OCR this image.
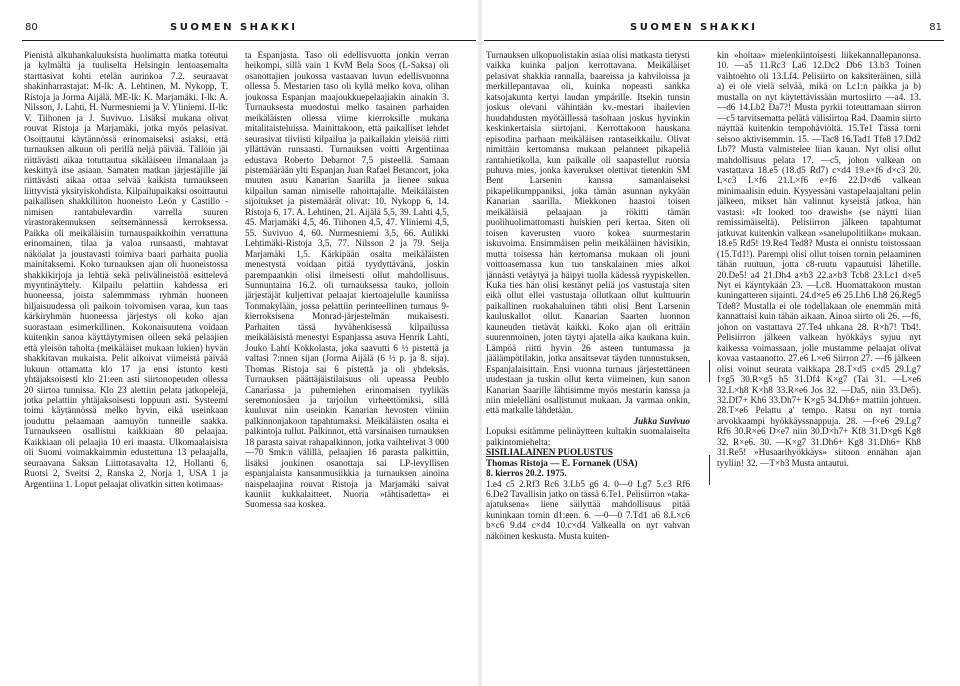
80	SUOMEN SHAKKI

Pienistä alkuhankaluuksista huolimatta matka toteutui ja kylmältä ja tuuliselta Helsingin lentoasemalta starttasivat kohti etelän aurinkoa 7.2. seuraavat shakinharrastajat: M-lk: A. Lehtinen, M. Nykopp, T. Ristoja ja Jorma Aijälä. ME-lk: K. Marjamäki. I-lk: A. Nilsson, J. Lahti, H. Nurmesniemi ja V. Yliniemi. II-lk: V. Tiihonen ja J. Suvivuo. Lisäksi mukana olivat rouvat Ristoja ja Marjamäki, jotka myös pelasivat. Osoittautui käytännössä erinomaiseksi asiaksi, että turnauksen alkuun oli perillä neljä päivää. Tällöin jäi riittävästi aikaa totuttautua sikäläiseen ilmanalaan ja keskittyä itse asiaan. Samaten matkan järjestäjille jäi riittävästi aikaa ottaa selvää kaikista turnaukseen liittyvistä yksityiskohdista. Kilpailupaikaksi osoittautui paikallisen shakkiliiton huoneisto León y Castillo -nimisen rantabulevardin varrella suuren virastorakennuksen seitsemännessä kerroksessa. Paikka oli meikäläisiin turnauspaikkoihin verrattuna erinomainen, tilaa ja valoa runsaasti, mahtavat näköalat ja joustavasti toimiva baari parhaita puolia mainitaksemi. Koko turnauksen ajan oli huoneistossa shakkikirjoja ja lehtiä sekä pelivälineistöä esittelevä myyntinäyttely. Kilpailu pelattiin kahdessa eri huoneessa, joista salemmmass ryhmän huoneen hiljaisuudessa oli paikoin toivomisen varaa, kun taas kärkiryhmän huoneessa järjestys oli koko ajan suorastaan esimerkillinen. Kokonaisuutena voidaan kuitenkin sanoa käyttäytymisen olleen sekä pelaajien että yleisön taholta (meikäläiset mukaan lukien) hyvän shakkitavan mukaista. Pelit alkoivat viimeistä päivää lukuun ottamatta klo 17 ja ensi istunto kesti yhtäjaksoisesti klo 21:een asti siirtonopeuden ollessa 20 siirtoa tunnissa. Klo 23 alettiin pelata jatkopelejä, jotka pelattiin yhtäjaksoisesti loppuun asti. Systeemi toimi käytännössä melko hyvin, eikä useinkaan jouduttu pelaamaan aamuyön tunneille saakka. Turnaukseen osallistui kaikkiaan 80 pelaajaa. Kaikkiaan oli pelaajia 10 eri maasta. Ulkomaalaisista oli Suomi voimakkaimmin edustettuna 13 pelaajalla, seuraavana Saksan Liittotasavalta 12, Hollanti 6, Ruotsi 2, Sveitsi 2, Ranska 2, Norja 1, USA 1 ja Argentiina 1. Loput pelaajat olivatkin sitten kotimaas-

ta Espanjasta. Taso oli edellisvuotta jonkin verran heikompi, sillä vain 1 KvM Bela Soos (L-Saksa) oli osanottajien joukossa vastaavan luvun edellisvuonna ollessa 5. Mestarien taso oli kyllä melko kova, olihan joukossa Espanjan maajoukkuepelaajiakin ainakin 3. Turnauksesta muodostui melko tasainen parhaiden meikäläisten ollessa viime kierroksille mukana mitalitaisteluissa. Mainittakoon, että paikalliset lehdet seurasivat tiiviisti kilpailua ja paikallakin yleisöä riitti yllättävän runsaasti. Turnauksen voitti Argentiinaa edustava Roberto Debarnot 7,5 pisteellä. Samaan pistemäärään ylti Espanjan Juan Rafael Betancort, joka muuten asuu Kanarian Saarilla ja lienee sukua kilpailun saman nimiselle rahoittajalle. Meikäläisten sijoitukset ja pistemäärät olivat: 10. Nykopp 6, 14. Ristoja 6, 17. A. Lehtinen, 21. Aijälä 5,5, 39. Lahti 4,5, 45. Marjamäki 4,5, 46. Tiihonen 4,5, 47. Yliniemi 4,5, 55. Suvivuo 4, 60. Nurmesniemi 3,5, 66. Aulikki Lehtimäki-Ristoja 3,5, 77. Nilsson 2 ja 79. Seija Marjamäki 1,5. Kärkipään osalta meikäläisten menestystä voidaan pitää tyydyttävänä, joskin parempaankin olisi ilmeisesti ollut mahdollisuus. Sunnuntaina 16.2. oli turnauksessa tauko, jolloin järjestäjät kuljettivat pelaajat kiertoajelulle kauniissa Tonmakylään, jossa pelattiin perinteellinen turnaus 9-kierroksisena Monrad-järjestelmän mukaisesti. Parhaiten tässä hyvähenkisessä kilpailussa meikäläisistä menestyi Espanjassa asuva Henrik Lahti, Jouko Lahti Kokkolasta, joka saavutti 6 ½ pistettä ja valtasi 7:nnen sijan (Jorma Aijälä (6 ½ p. ja 8. sija). Thomas Ristoja sai 6 pistettä ja oli yhdeksäs. Turnauksen päättäjäistilaisuus oli upeassa Peublo Canariassa ja puhemiehen erinomaisen tyylikäs seremoniosäen ja tarjoilun virheettömiksi, sillä kuuluvat niin useinkin Kanarian hevosten viiniin palkinnonjakoon tapahtumaksi. Meikäläisten osalta ei palkintoja tullut. Palkinnot, että varsinaisen turnauksen 18 parasta saivat rahapalkinnon, jotka vaihtelivat 3 000—70 Smk:n välillä, pelaajien 16 parasta palkittiin, lisäksi joukinen osanottaja sai LP-levyllisen espanjalaista kansanmusiikkia ja turnauksen ainoina naispelaajina rouvat Ristoja ja Marjamäki saivat kauniit kukkalaitteet. Nuoria »tähtisadetta» ei Suomessa saa koskea.

SUOMEN SHAKKI	81

Turnauksen ulkopuolistakin asiaa olisi matkasta tietysti vaikka kuinka paljon kerrottavana. Meikäläiset pelasivat shakkia rannalla, baareissa ja kahviloissa ja merkillepantavaa oli, kuinka nopeasti sankka katsojakunta kertyi laudan ympärille. Itsekin tunsin joskus olevani vähintään kv.-mestari ihailevien huudahdusten myötäillessä tasoltaan joskus hyvinkin keskinkertaisia siirtojani. Kerrottakoon hauskana episodina parhaan meikäläisen rantaseikkailu. Olivat nimittäin kertomansa mukaan pelanneet pikapeliä rantahietikolla, kun paikalle oli saapastellut ruotsia puhuva mies, jonka kaverukset olettivat tietenkin SM Bent Larsenin kanssa samanlaiseksi pikapelikumppaniksi, joka tämän asunnan nykyään Kanarian saarilla. Miekkonen haastoi toisen meikäläisiä pelaajaan ja rökitti tämän puolihuolimattomasti huiskien peri kertaa. Siten oli toisen kaverusten vuoro kokea suurmestarin iskuvoima. Ensimmäisen pelin meikäläinen hävisikin, mutta toisessa hän kertomansa mukaan oli jouni voittoasemassa kun tuo tanskalainen mies alkoi jännästi vetäytyä ja häipyi tuolla kädessä ryypiskellen. Kuka ties hän olisi kestänyt peliä jos vastustaja siten eikä ollut ellei vastustaja ollutkaan ollut kulttuurin paikallinen ruokahaluinen tähti olisi Bent Larsenin kauluskallot ollut. Kanarian Saarten luonnon kauneuden tietävät kaikki. Koko ajan oli erittäin suurenmoinen, joten täytyi ajatella aika kaukana kuin. Lämpöä riitti hyvin 26 asteen tuntumassa ja jäälämpötilakin, jotka ansaitsevat täyden tunnustuksen, Espanjalaisittain. Ensi vuonna turnaus järjestettäneen uudestaan ja tuskin ollut kerta viimeinen, kun sanon Kanarian Saarille lähtisimme myös mestarin kanssa ja niin mielelläni osallistunut mukaan. Ja varmaa onkin, että matkalle lähdetään.

Jukka Suvivuo

Lopuksi esitämme pelinäytteen kultakin suomalaiselta palkintomiehelta:

SISILIALAINEN PUOLUSTUS

Thomas Ristoja — E. Fornanek (USA)

8. kierros 20.2. 1975.

1.e4 c5 2.Rf3 Rc6 3.Lb5 g6 4. 0—0 Lg7 5.c3 Rf6 6.De2 Tavallisin jatko on tässä 6.Te1. Pelisiirron »taka-ajatuksena« liene säilyttää mahdollisuus pitää kuninkaan tornin d1:een. 6. —0—0 7.Td1 a6 8.L×c6 b×c6 9.d4 c×d4 10.c×d4 Valkealla on nyt vahvan näköinen keskusta. Musta kuiten-

kin »hoitaa» mielenkiintoisesti liikekannallepanonsa. 10. —a5 11.Rc3 La6 12.Dc2 Db6 13.b3 Toinen vaihtoehto oli 13.Lf4. Pelisiirto on kaksiteräinen, sillä a) ei ole vielä selvää, mikä on Lc1:n paikka ja b) mustalla on nyt käytettävissään murtosiirto —a4. 13. —d6 14.Lb2 Da7?! Musta pyrkii toteuttamaan siirron —c5 tarvitsematta pelätä välisiirtoa Ra4. Daamin siirto näyttää kuitenkin tempohäviöltä. 15.Te1 Tässä torni seisoo aktivisemmin. 15. —Tac8 16.Tad1 Tfe8 17.Dd2 Lb7? Musta valmistelee liian kauan. Nyt olisi ollut mahdollisuus pelata 17. —c5, johon valkean on vastattava 18.e5 (18.d5 Rd7) c×d4 19.e×f6 d×c3 20. L×c3 L×f6 21.L×f6 e×f6 22.D×d6 valkean minimaalisin eduin. Kysyessäni vastapelaajaltani pelin jälkeen, mikset hän valinnut kyseistä jatkoa, hän vastasi: »It looked too drawish« (se näytti liian remissimäiseltä). Pelisiirron jälkeen tapahtumat jatkuvat kuitenkin valkean »sanelupolitiikan« mukaan. 18.e5 Rd5! 19.Re4 Ted8? Musta ei onnistu toistossaan (15.Td1!). Parempi olisi ollut toisen tornin pelaaminen tähän ruutuun, jotta c8-ruutu vapautuisi lähetille. 20.De5! a4 21.Dh4 a×b3 22.a×b3 Tcb8 23.Lc1 d×e5 Nyt ei käyntykään 23. —Lc8. Huomattakoon mustan kuningatteren sijainti. 24.d×e5 e6 25.Lh6 Lh8 26.Reg5 Tde8? Mustalla ei ole todellakaan ole enemmän mitä kannattaisi kuin tähän aikaan. Ainoa siirto oli 26. —f6, johon on vastattava 27.Te4 uhkana 28. R×h7! Tb4!. Pelisiirron jälkeen valkean hyökkäys syjuu nyt kaikessa voimassaan, jolle mustamme pelaajat olivat kovaa vastaanotto. 27.e6 L×e6 Siirron 27. —f6 jälkeen olisi voinut seurata vaikkapa 28.T×d5 c×d5 29.Lg7 f×g5 30.R×g5 h5 31.Df4 K×g7 (Tai 31. —L×e6 32.L×h8 K×h8 33.R×e6 Jos 32. —Da5, niin 33.De5). 32.Df7+ Kh6 33.Dh7+ K×g5 34.Dh6+ mattiin johtuen. 28.T×e6 Pelattu a' tempo. Ratsu on nyt tornia arvokkaampi hyökkäyssnappuja. 28. —f×e6 29.Lg7 Rf6 30.R×e6 D×e7 niin 30.D×h7+ Kf8 31.D×g6 Kg8 32. R×e6. 30. —K×g7 31.Dh6+ Kg8 31.Dh6+ Kh8 31.Re5! »Husaarihyökkäys» siitoon ennähan ajan tyyliin! 32. —T×b3 Musta antautui.
